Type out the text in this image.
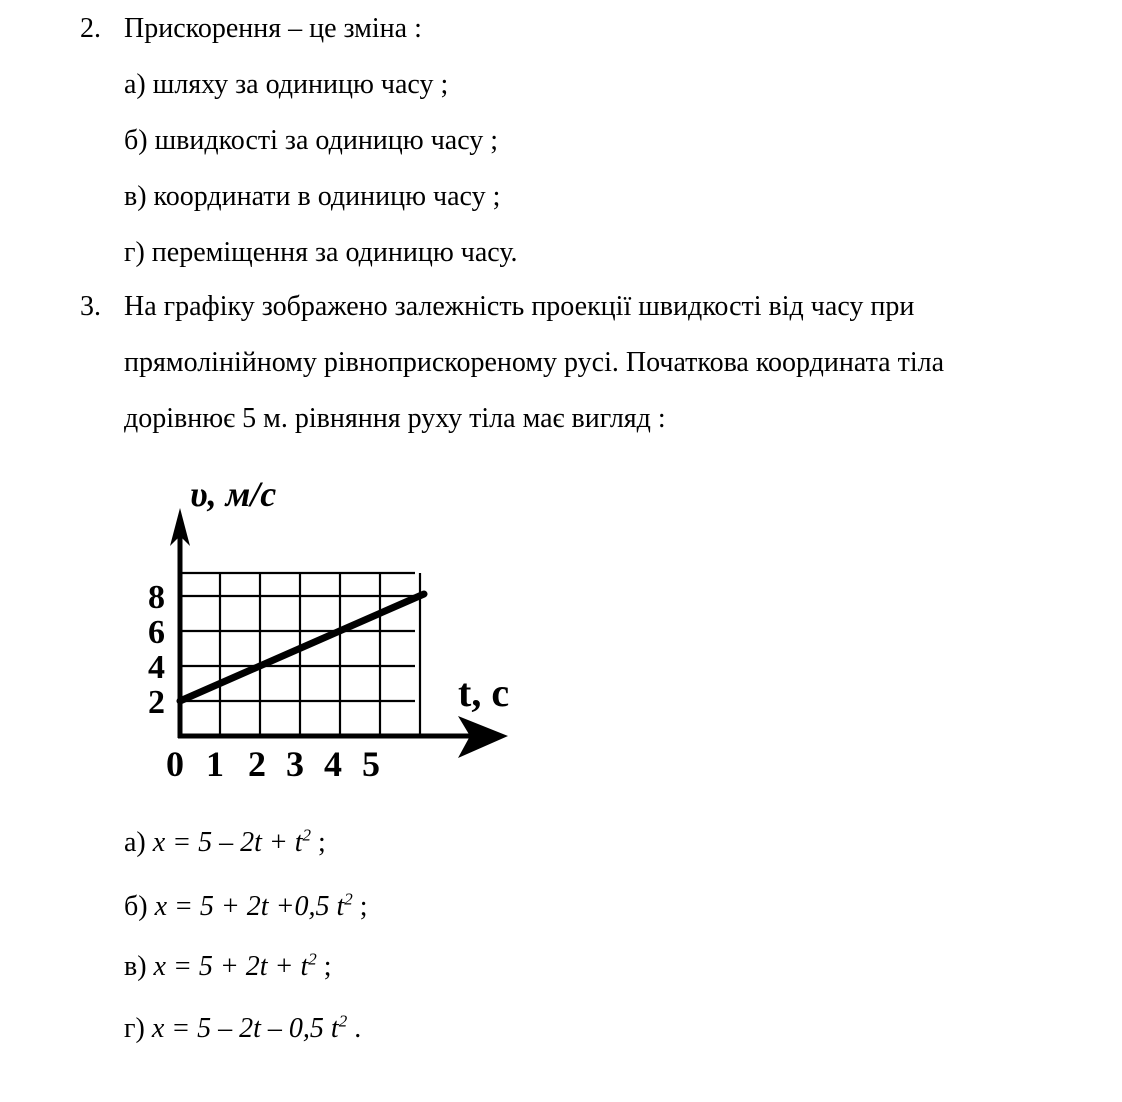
2. Прискорення – це зміна :
а) шляху за одиницю часу ;
б) швидкості за одиницю часу ;
в) координати в одиницю часу ;
г) переміщення за одиницю часу.
3. На графіку зображено залежність проекції швидкості від часу при
прямолінійному рівноприскореному русі. Початкова координата тіла
дорівнює 5 м. рівняння руху тіла має вигляд :
υ, м/с
t, с
0 1 2 3 4 5
2
4
6
8
а) $x = 5 - 2t + t^2$ ;
б) x = 5 + 2t +0,5 $t^2$ ;
в) $x = 5 + 2t + t^2$ ;
г) x = 5 – 2t – 0,5 $t^2$ .
